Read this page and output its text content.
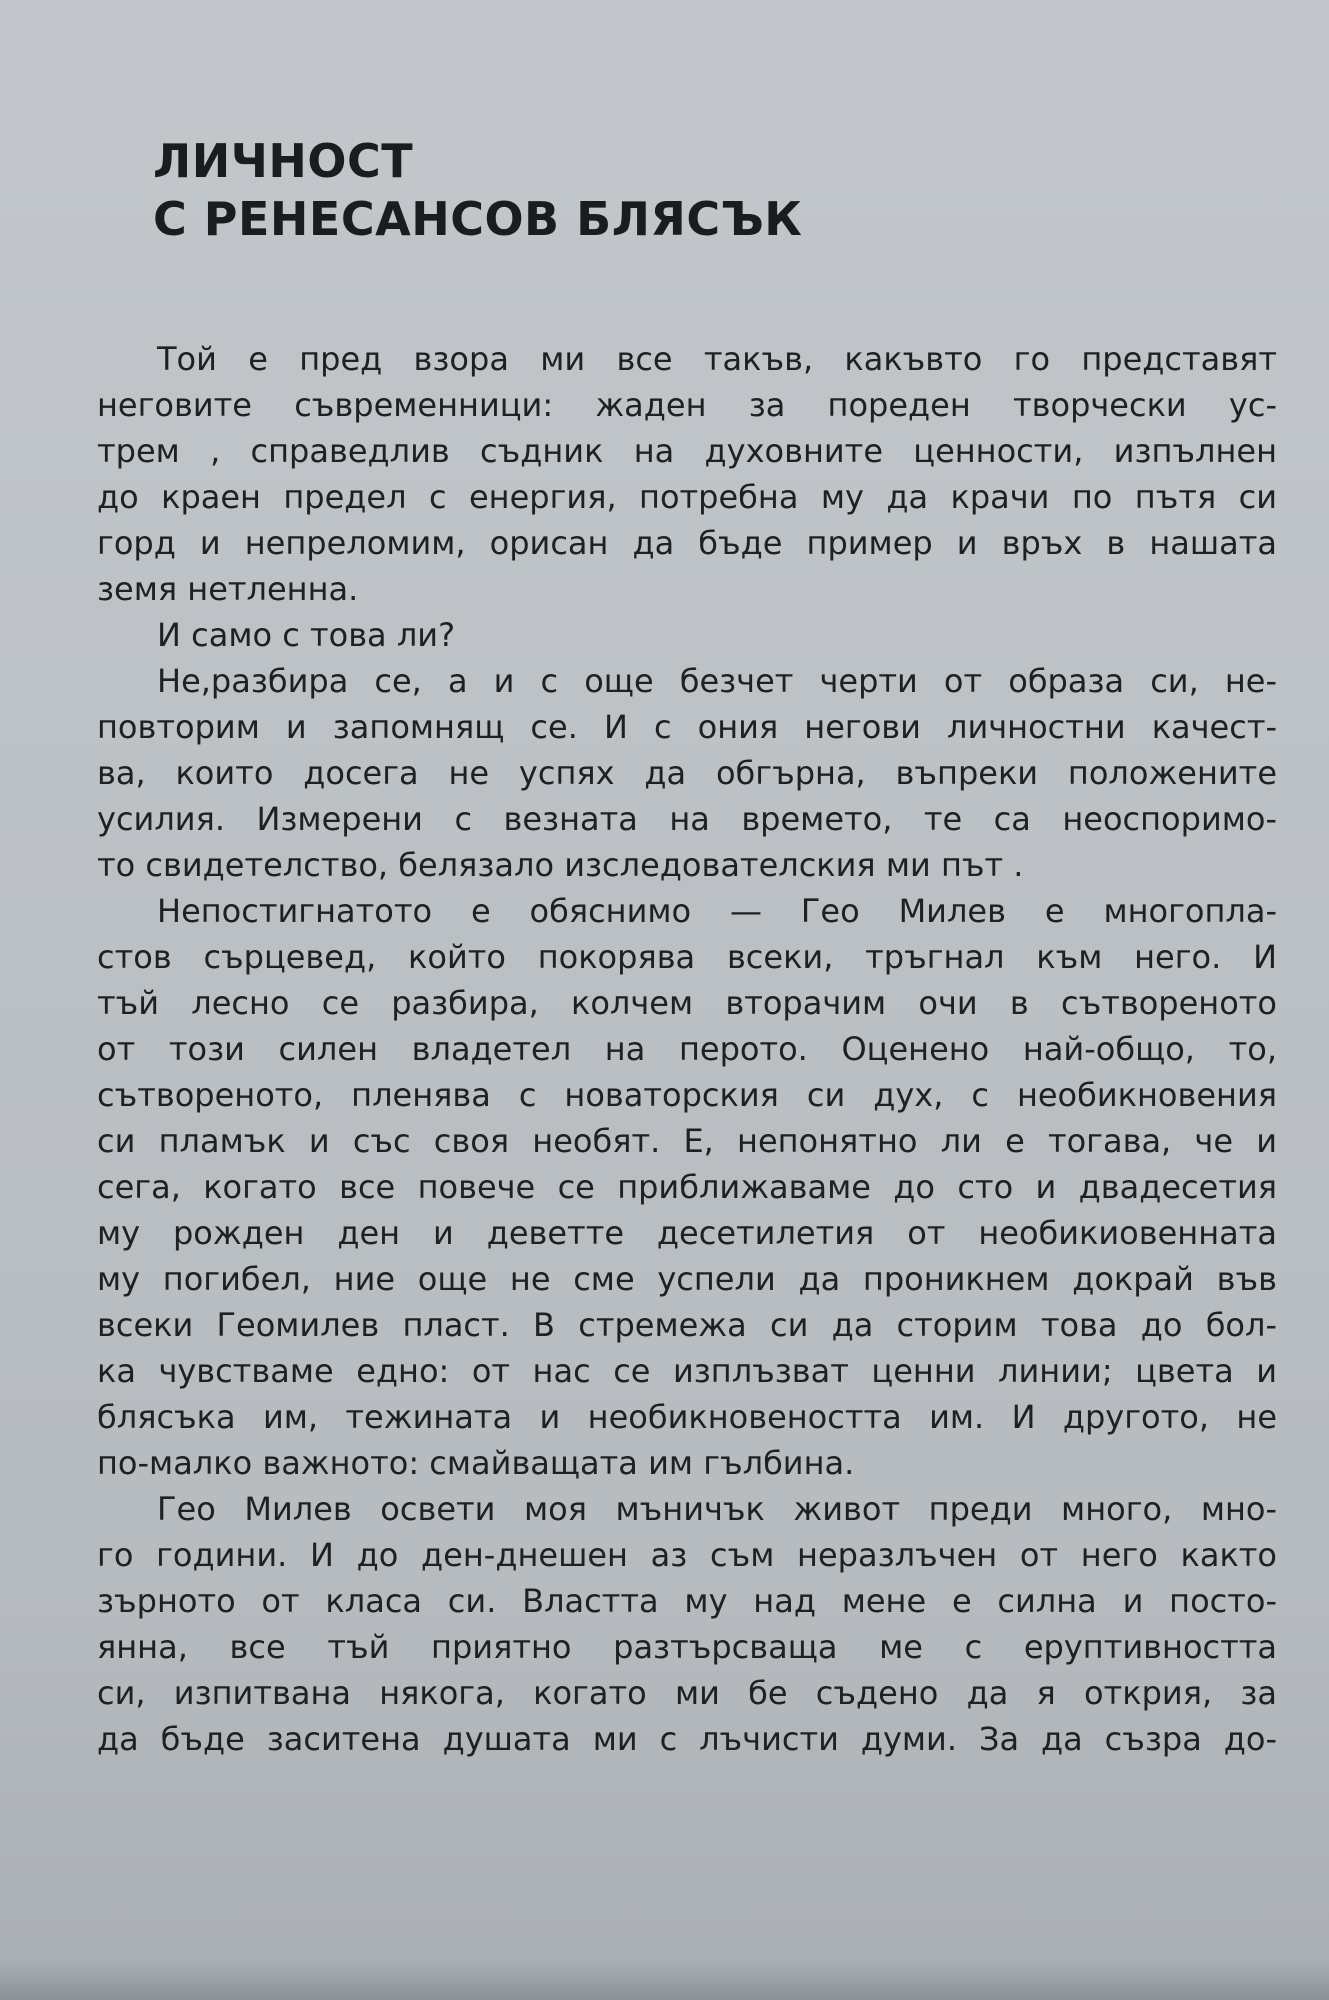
ЛИЧНОСТ
С РЕНЕСАНСОВ БЛЯСЪК
Той е пред взора ми все такъв, какъвто го представят
неговите съвременници: жаден за пореден творчески ус-
трем , справедлив съдник на духовните ценности, изпълнен
до краен предел с енергия, потребна му да крачи по пътя си
горд и непреломим, орисан да бъде пример и връх в нашата
земя нетленна.
И само с това ли?
Не,разбира се, а и с още безчет черти от образа си, не-
повторим и запомнящ се. И с ония негови личностни качест-
ва, които досега не успях да обгърна, въпреки положените
усилия. Измерени с везната на времето, те са неоспоримо-
то свидетелство, белязало изследователския ми път .
Непостигнатото е обяснимо — Гео Милев е многопла-
стов сърцевед, който покорява всеки, тръгнал към него. И
тъй лесно се разбира, колчем вторачим очи в сътвореното
от този силен владетел на перото. Оценено най-общо, то,
сътвореното, пленява с новаторския си дух, с необикновения
си пламък и със своя необят. Е, непонятно ли е тогава, че и
сега, когато все повече се приближаваме до сто и двадесетия
му рожден ден и деветте десетилетия от необикиовенната
му погибел, ние още не сме успели да проникнем докрай във
всеки Геомилев пласт. В стремежа си да сторим това до бол-
ка чувстваме едно: от нас се изплъзват ценни линии; цвета и
блясъка им, тежината и необикновеността им. И другото, не
по-малко важното: смайващата им гълбина.
Гео Милев освети моя мъничък живот преди много, мно-
го години. И до ден-днешен аз съм неразлъчен от него както
зърното от класа си. Властта му над мене е силна и посто-
янна, все тъй приятно разтърсваща ме с еруптивността
си, изпитвана някога, когато ми бе съдено да я открия, за
да бъде заситена душата ми с лъчисти думи. За да съзра до-
